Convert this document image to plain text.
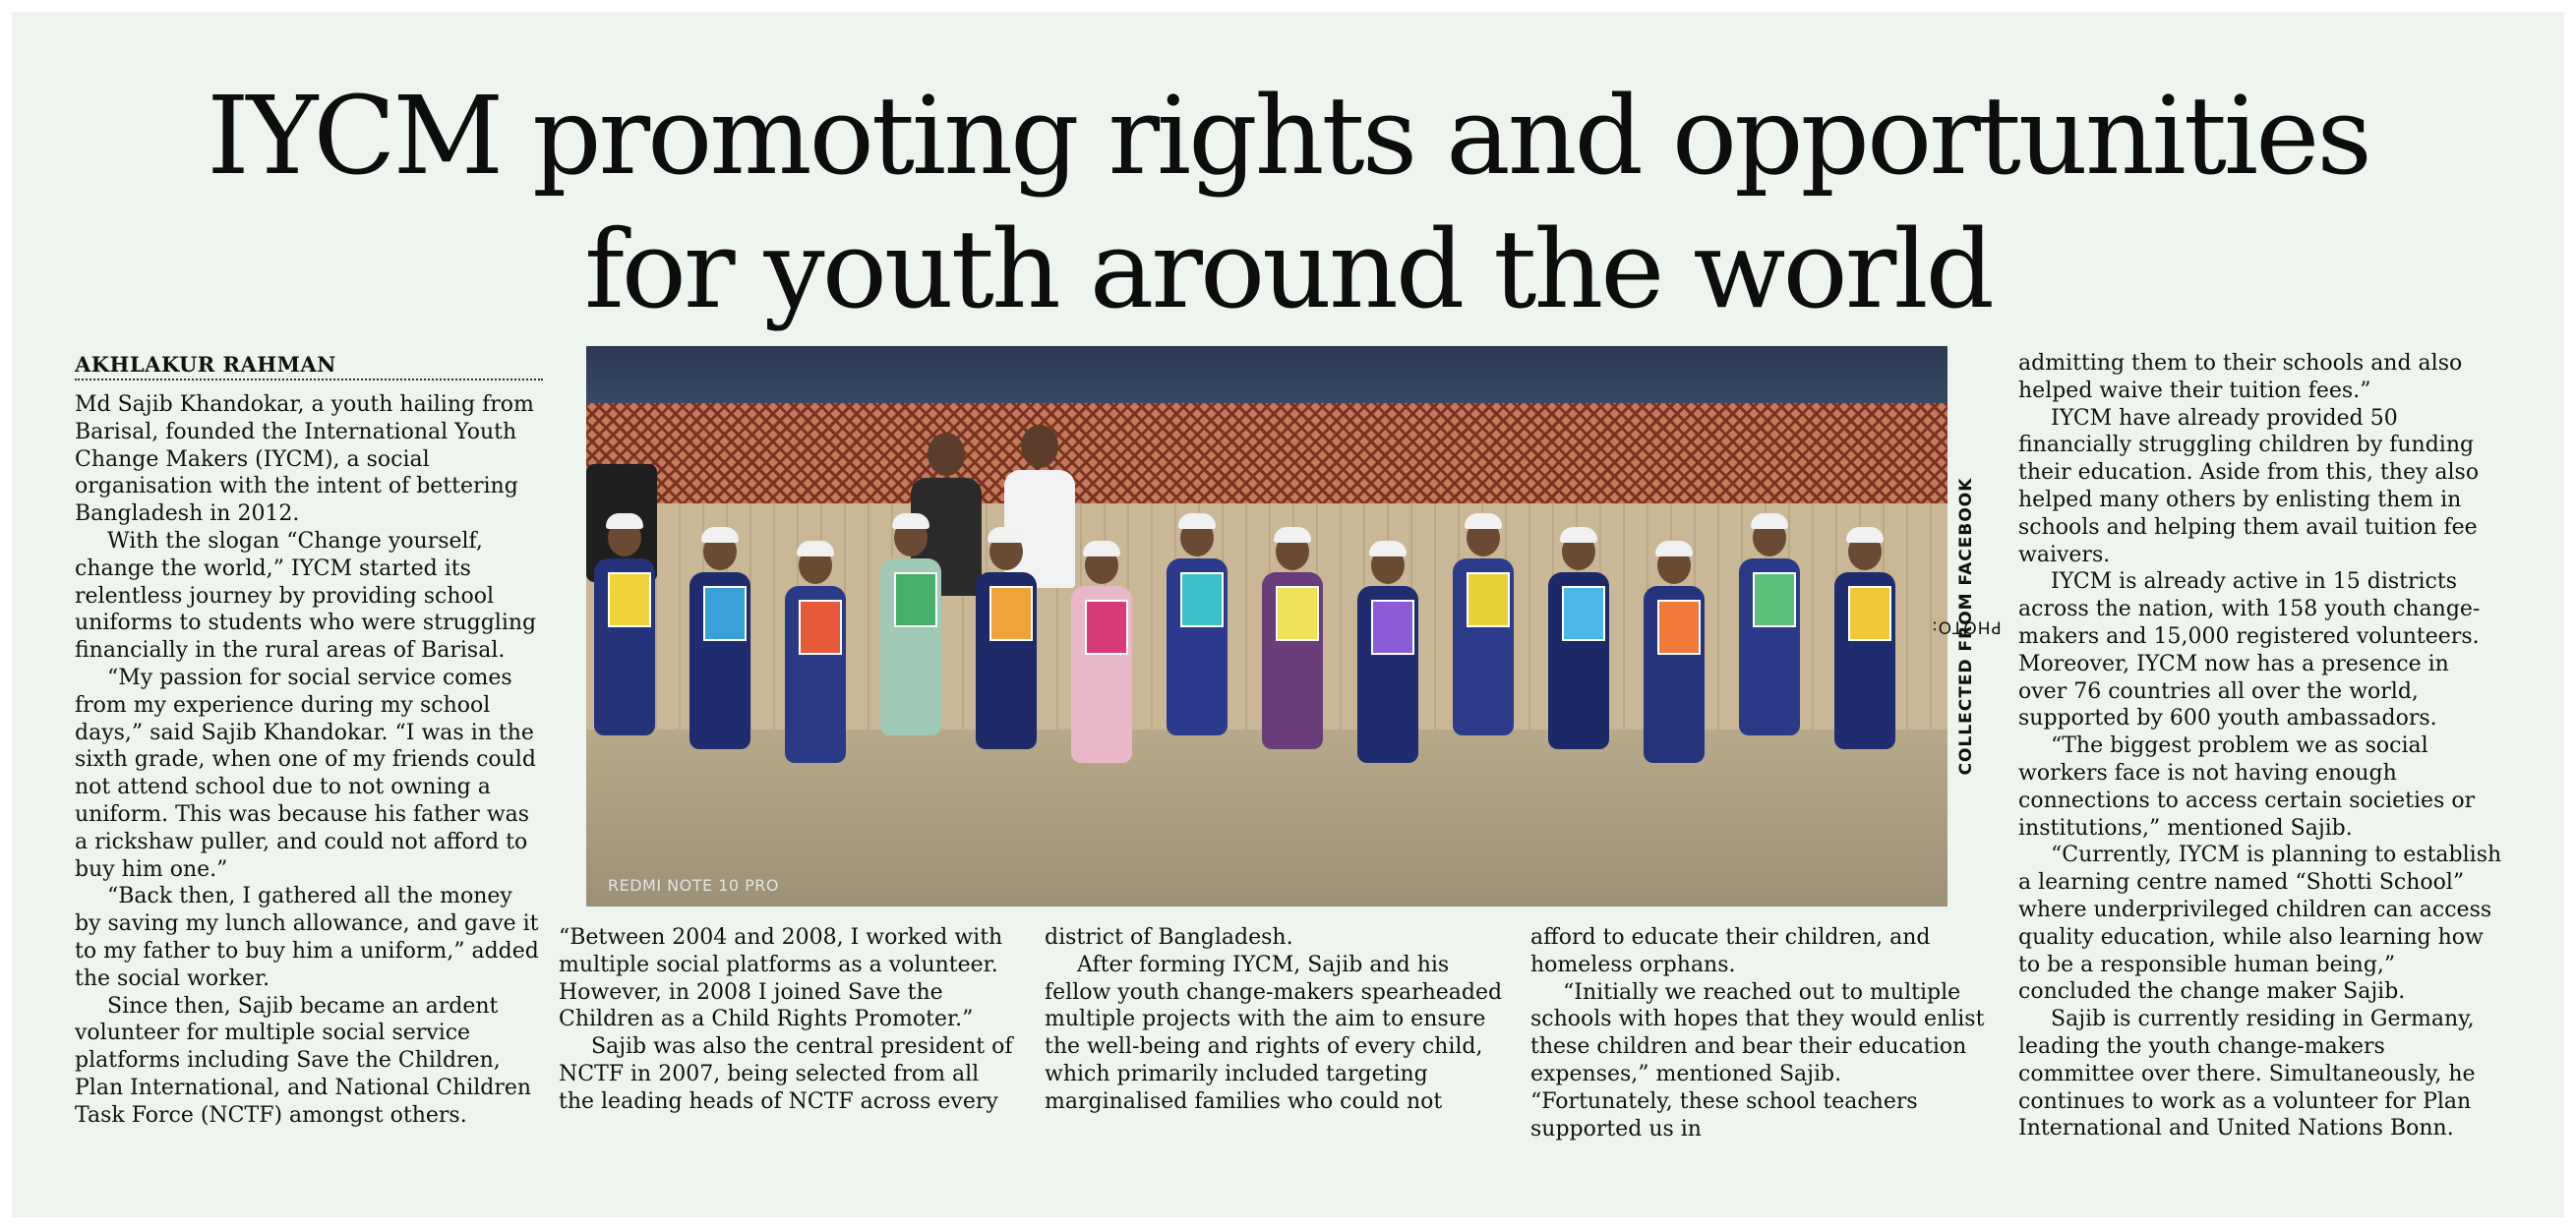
IYCM promoting rights and opportunities
for youth around the world
AKHLAKUR RAHMAN

Md Sajib Khandokar, a youth hailing from Barisal, founded the International Youth Change Makers (IYCM), a social organisation with the intent of bettering Bangladesh in 2012.

With the slogan “Change yourself, change the world,” IYCM started its relentless journey by providing school uniforms to students who were struggling financially in the rural areas of Barisal.

“My passion for social service comes from my experience during my school days,” said Sajib Khandokar. “I was in the sixth grade, when one of my friends could not attend school due to not owning a uniform. This was because his father was a rickshaw puller, and could not afford to buy him one.”

“Back then, I gathered all the money by saving my lunch allowance, and gave it to my father to buy him a uniform,” added the social worker.

Since then, Sajib became an ardent volunteer for multiple social service platforms including Save the Children, Plan International, and National Children Task Force (NCTF) amongst others.

REDMI NOTE 10 PRO
PHOTO:
COLLECTED FROM FACEBOOK

“Between 2004 and 2008, I worked with multiple social platforms as a volunteer. However, in 2008 I joined Save the Children as a Child Rights Promoter.”

Sajib was also the central president of NCTF in 2007, being selected from all the leading heads of NCTF across every

district of Bangladesh.

After forming IYCM, Sajib and his fellow youth change-makers spearheaded multiple projects with the aim to ensure the well-being and rights of every child, which primarily included targeting marginalised families who could not

afford to educate their children, and homeless orphans.

“Initially we reached out to multiple schools with hopes that they would enlist these children and bear their education expenses,” mentioned Sajib. “Fortunately, these school teachers supported us in

admitting them to their schools and also helped waive their tuition fees.”

IYCM have already provided 50 financially struggling children by funding their education. Aside from this, they also helped many others by enlisting them in schools and helping them avail tuition fee waivers.

IYCM is already active in 15 districts across the nation, with 158 youth change-makers and 15,000 registered volunteers. Moreover, IYCM now has a presence in over 76 countries all over the world, supported by 600 youth ambassadors.

“The biggest problem we as social workers face is not having enough connections to access certain societies or institutions,” mentioned Sajib.

“Currently, IYCM is planning to establish a learning centre named “Shotti School” where underprivileged children can access quality education, while also learning how to be a responsible human being,” concluded the change maker Sajib.

Sajib is currently residing in Germany, leading the youth change-makers committee over there. Simultaneously, he continues to work as a volunteer for Plan International and United Nations Bonn.
